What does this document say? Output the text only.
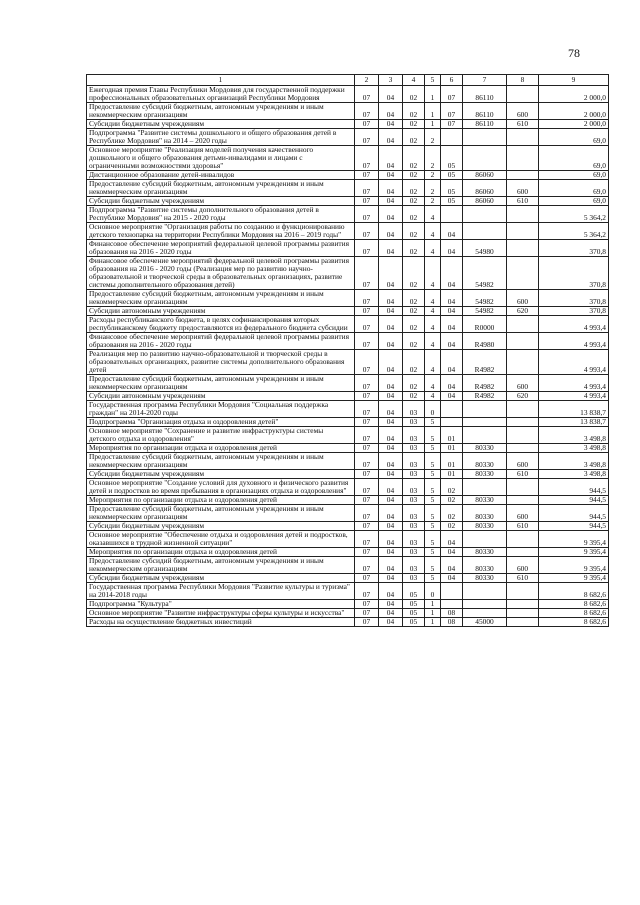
78
1	2	3	4	5	6	7	8	9
Ежегодная премия Главы Республики Мордовия для государственной поддержки профессиональных образовательных организаций Республики Мордовия	07	04	02	1	07	86110		2 000,0
Предоставление субсидий бюджетным, автономным учреждениям и иным некоммерческим организациям	07	04	02	1	07	86110	600	2 000,0
Субсидии бюджетным учреждениям	07	04	02	1	07	86110	610	2 000,0
Подпрограмма "Развитие системы дошкольного и общего образования детей в Республике Мордовия" на 2014 – 2020 годы	07	04	02	2				69,0
Основное мероприятие "Реализация моделей получения качественного дошкольного и общего образования детьми-инвалидами и лицами с ограниченными возможностями здоровья"	07	04	02	2	05			69,0
Дистанционное образование детей-инвалидов	07	04	02	2	05	86060		69,0
Предоставление субсидий бюджетным, автономным учреждениям и иным некоммерческим организациям	07	04	02	2	05	86060	600	69,0
Субсидии бюджетным учреждениям	07	04	02	2	05	86060	610	69,0
Подпрограмма "Развитие системы дополнительного образования детей в Республике Мордовия" на 2015 - 2020 годы	07	04	02	4				5 364,2
Основное мероприятие "Организация работы по созданию и функционированию детского технопарка на территории Республики Мордовия на 2016 – 2019 годы"	07	04	02	4	04			5 364,2
Финансовое обеспечение мероприятий федеральной целевой программы развития образования на 2016 - 2020 годы	07	04	02	4	04	54980		370,8
Финансовое обеспечение мероприятий федеральной целевой программы развития образования на 2016 - 2020 годы (Реализация мер по развитию научно-образовательной и творческой среды в образовательных организациях, развитие системы дополнительного образования детей)	07	04	02	4	04	54982		370,8
Предоставление субсидий бюджетным, автономным учреждениям и иным некоммерческим организациям	07	04	02	4	04	54982	600	370,8
Субсидии автономным учреждениям	07	04	02	4	04	54982	620	370,8
Расходы республиканского бюджета, в целях софинансирования которых республиканскому бюджету предоставляются из федерального бюджета субсидии	07	04	02	4	04	R0000		4 993,4
Финансовое обеспечение мероприятий федеральной целевой программы развития образования на 2016 - 2020 годы	07	04	02	4	04	R4980		4 993,4
Реализация мер по развитию научно-образовательной и творческой среды в образовательных организациях, развитие системы дополнительного образования детей	07	04	02	4	04	R4982		4 993,4
Предоставление субсидий бюджетным, автономным учреждениям и иным некоммерческим организациям	07	04	02	4	04	R4982	600	4 993,4
Субсидии автономным учреждениям	07	04	02	4	04	R4982	620	4 993,4
Государственная программа Республики Мордовия "Социальная поддержка граждан" на 2014-2020 годы	07	04	03	0				13 838,7
Подпрограмма "Организация отдыха и оздоровления детей"	07	04	03	5				13 838,7
Основное мероприятие "Сохранение и развитие инфраструктуры системы детского отдыха и оздоровления"	07	04	03	5	01			3 498,8
Мероприятия по организации отдыха и оздоровления детей	07	04	03	5	01	80330		3 498,8
Предоставление субсидий бюджетным, автономным учреждениям и иным некоммерческим организациям	07	04	03	5	01	80330	600	3 498,8
Субсидии бюджетным учреждениям	07	04	03	5	01	80330	610	3 498,8
Основное мероприятие "Создание условий для духовного и физического развития детей и подростков во время пребывания в организациях отдыха и оздоровления"	07	04	03	5	02			944,5
Мероприятия по организации отдыха и оздоровления детей	07	04	03	5	02	80330		944,5
Предоставление субсидий бюджетным, автономным учреждениям и иным некоммерческим организациям	07	04	03	5	02	80330	600	944,5
Субсидии бюджетным учреждениям	07	04	03	5	02	80330	610	944,5
Основное мероприятие "Обеспечение отдыха и оздоровления детей и подростков, оказавшихся в трудной жизненной ситуации"	07	04	03	5	04			9 395,4
Мероприятия по организации отдыха и оздоровления детей	07	04	03	5	04	80330		9 395,4
Предоставление субсидий бюджетным, автономным учреждениям и иным некоммерческим организациям	07	04	03	5	04	80330	600	9 395,4
Субсидии бюджетным учреждениям	07	04	03	5	04	80330	610	9 395,4
Государственная программа Республики Мордовия "Развитие культуры и туризма" на 2014-2018 годы	07	04	05	0				8 682,6
Подпрограмма "Культура"	07	04	05	1				8 682,6
Основное мероприятие "Развитие инфраструктуры сферы культуры и искусства"	07	04	05	1	08			8 682,6
Расходы на осуществление бюджетных инвестиций	07	04	05	1	08	45000		8 682,6
